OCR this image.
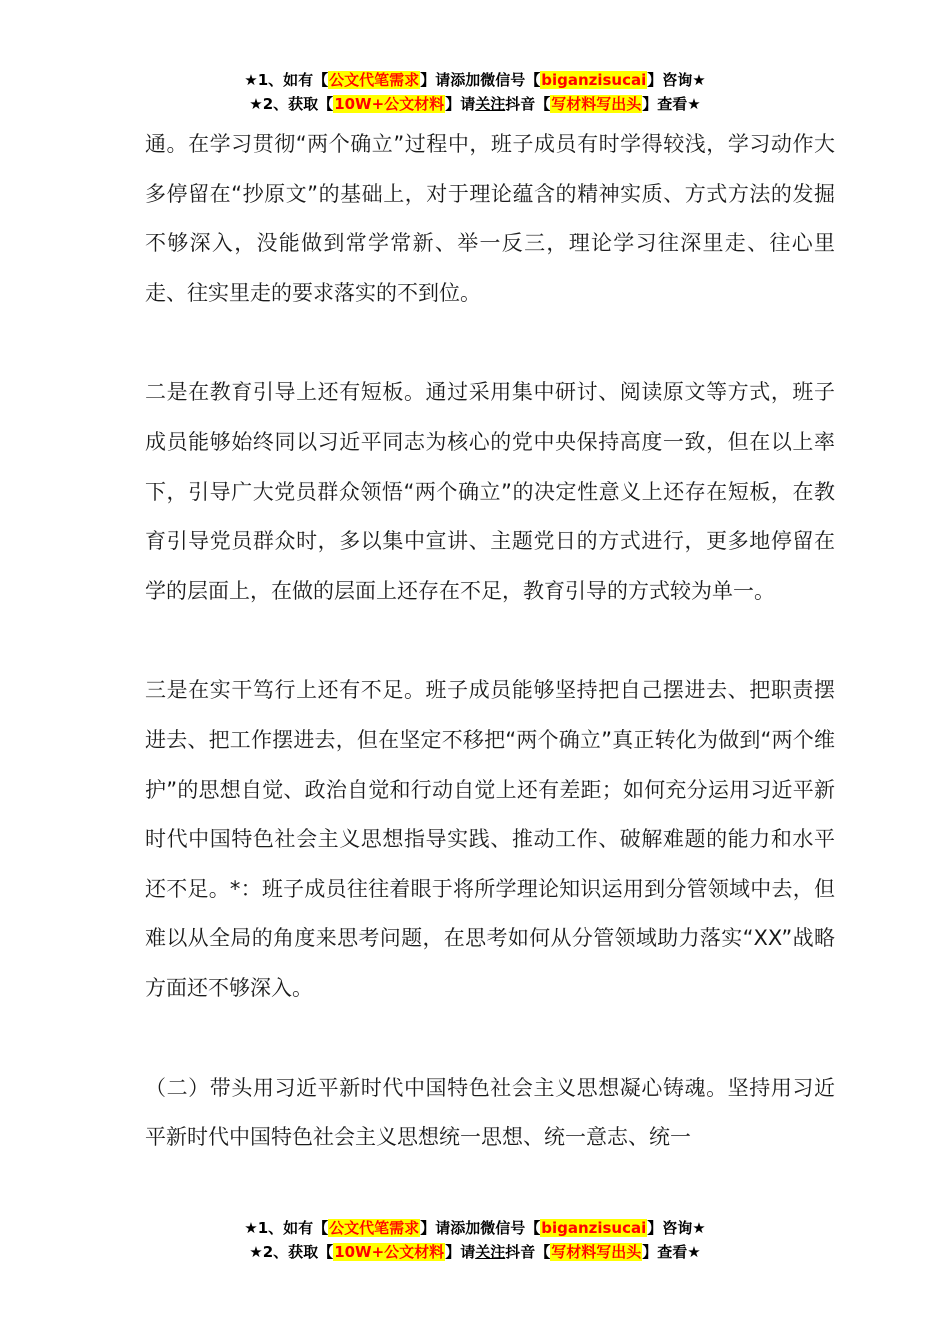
★1、如有【公文代笔需求】请添加微信号【biganzisucai】咨询★
★2、获取【10W+公文材料】请关注抖音【写材料写出头】查看★

通。在学习贯彻“两个确立”过程中，班子成员有时学得较浅，学习动作大多停留在“抄原文”的基础上，对于理论蕴含的精神实质、方式方法的发掘不够深入，没能做到常学常新、举一反三，理论学习往深里走、往心里走、往实里走的要求落实的不到位。

二是在教育引导上还有短板。通过采用集中研讨、阅读原文等方式，班子成员能够始终同以习近平同志为核心的党中央保持高度一致，但在以上率下，引导广大党员群众领悟“两个确立”的决定性意义上还存在短板，在教育引导党员群众时，多以集中宣讲、主题党日的方式进行，更多地停留在学的层面上，在做的层面上还存在不足，教育引导的方式较为单一。

三是在实干笃行上还有不足。班子成员能够坚持把自己摆进去、把职责摆进去、把工作摆进去，但在坚定不移把“两个确立”真正转化为做到“两个维护”的思想自觉、政治自觉和行动自觉上还有差距；如何充分运用习近平新时代中国特色社会主义思想指导实践、推动工作、破解难题的能力和水平还不足。*：班子成员往往着眼于将所学理论知识运用到分管领域中去，但难以从全局的角度来思考问题，在思考如何从分管领域助力落实“XX”战略方面还不够深入。

（二）带头用习近平新时代中国特色社会主义思想凝心铸魂。坚持用习近平新时代中国特色社会主义思想统一思想、统一意志、统一

★1、如有【公文代笔需求】请添加微信号【biganzisucai】咨询★
★2、获取【10W+公文材料】请关注抖音【写材料写出头】查看★
